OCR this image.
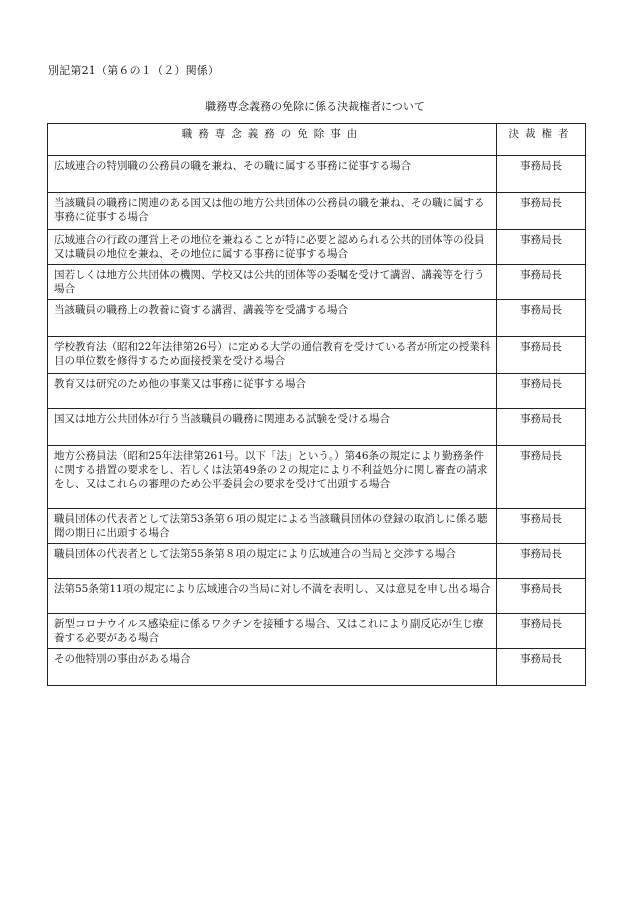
別記第21（第６の１（２）関係）
職務専念義務の免除に係る決裁権者について
職務専念義務の免除事由	決裁権者
広域連合の特別職の公務員の職を兼ね、その職に属する事務に従事する場合	事務局長
当該職員の職務に関連のある国又は他の地方公共団体の公務員の職を兼ね、その職に属する事務に従事する場合	事務局長
広域連合の行政の運営上その地位を兼ねることが特に必要と認められる公共的団体等の役員又は職員の地位を兼ね、その地位に属する事務に従事する場合	事務局長
国若しくは地方公共団体の機関、学校又は公共的団体等の委嘱を受けて講習、講義等を行う場合	事務局長
当該職員の職務上の教養に資する講習、講義等を受講する場合	事務局長
学校教育法（昭和22年法律第26号）に定める大学の通信教育を受けている者が所定の授業科目の単位数を修得するため面接授業を受ける場合	事務局長
教育又は研究のため他の事業又は事務に従事する場合	事務局長
国又は地方公共団体が行う当該職員の職務に関連ある試験を受ける場合	事務局長
地方公務員法（昭和25年法律第261号。以下「法」という。）第46条の規定により勤務条件に関する措置の要求をし、若しくは法第49条の２の規定により不利益処分に関し審査の請求をし、又はこれらの審理のため公平委員会の要求を受けて出頭する場合	事務局長
職員団体の代表者として法第53条第６項の規定による当該職員団体の登録の取消しに係る聴聞の期日に出頭する場合	事務局長
職員団体の代表者として法第55条第８項の規定により広域連合の当局と交渉する場合	事務局長
法第55条第11項の規定により広域連合の当局に対し不満を表明し、又は意見を申し出る場合	事務局長
新型コロナウイルス感染症に係るワクチンを接種する場合、又はこれにより副反応が生じ療養する必要がある場合	事務局長
その他特別の事由がある場合	事務局長
